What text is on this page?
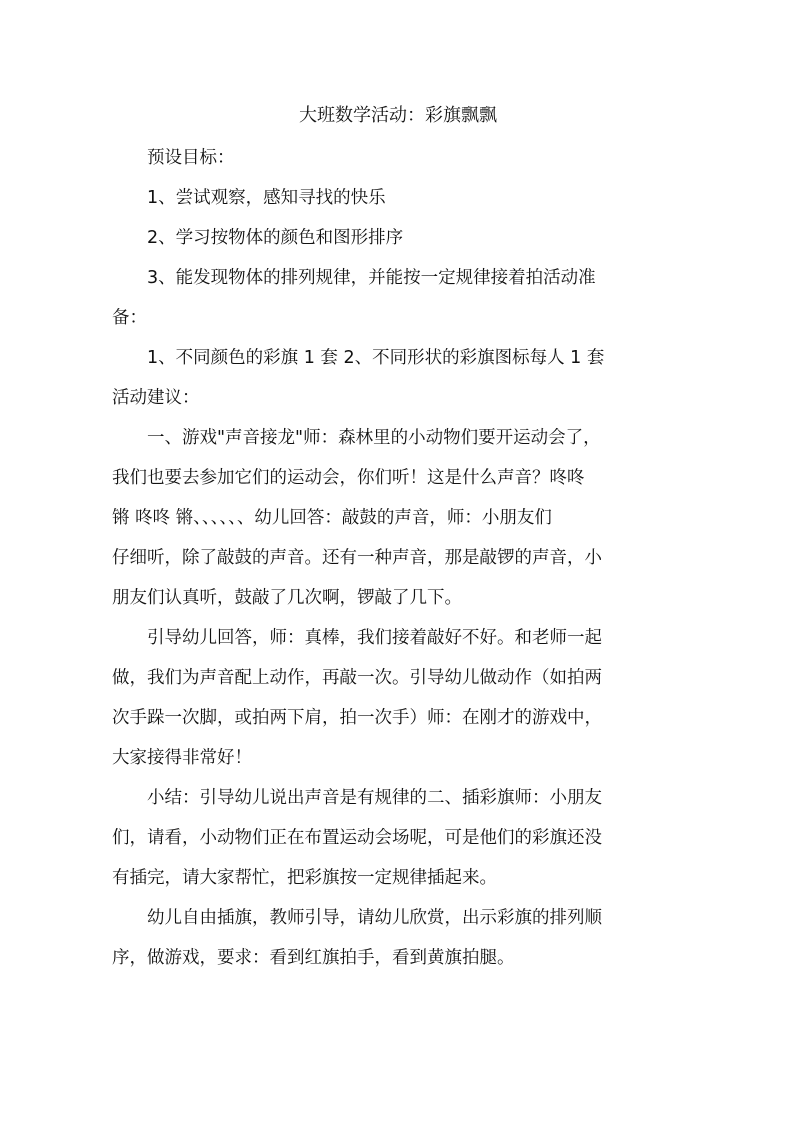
大班数学活动：彩旗飘飘

预设目标：

1、尝试观察，感知寻找的快乐

2、学习按物体的颜色和图形排序

3、能发现物体的排列规律，并能按一定规律接着拍活动准
备：

1、不同颜色的彩旗 1 套 2、不同形状的彩旗图标每人 1 套
活动建议：

一、游戏"声音接龙"师：森林里的小动物们要开运动会了，
我们也要去参加它们的运动会，你们听！这是什么声音？咚咚
锵 咚咚 锵、、、、、、幼儿回答：敲鼓的声音，师：小朋友们
仔细听，除了敲鼓的声音。还有一种声音，那是敲锣的声音，小
朋友们认真听，鼓敲了几次啊，锣敲了几下。

引导幼儿回答，师：真棒，我们接着敲好不好。和老师一起
做，我们为声音配上动作，再敲一次。引导幼儿做动作（如拍两
次手跺一次脚，或拍两下肩，拍一次手）师：在刚才的游戏中，
大家接得非常好！

小结：引导幼儿说出声音是有规律的二、插彩旗师：小朋友
们，请看，小动物们正在布置运动会场呢，可是他们的彩旗还没
有插完，请大家帮忙，把彩旗按一定规律插起来。

幼儿自由插旗，教师引导，请幼儿欣赏，出示彩旗的排列顺
序，做游戏，要求：看到红旗拍手，看到黄旗拍腿。
